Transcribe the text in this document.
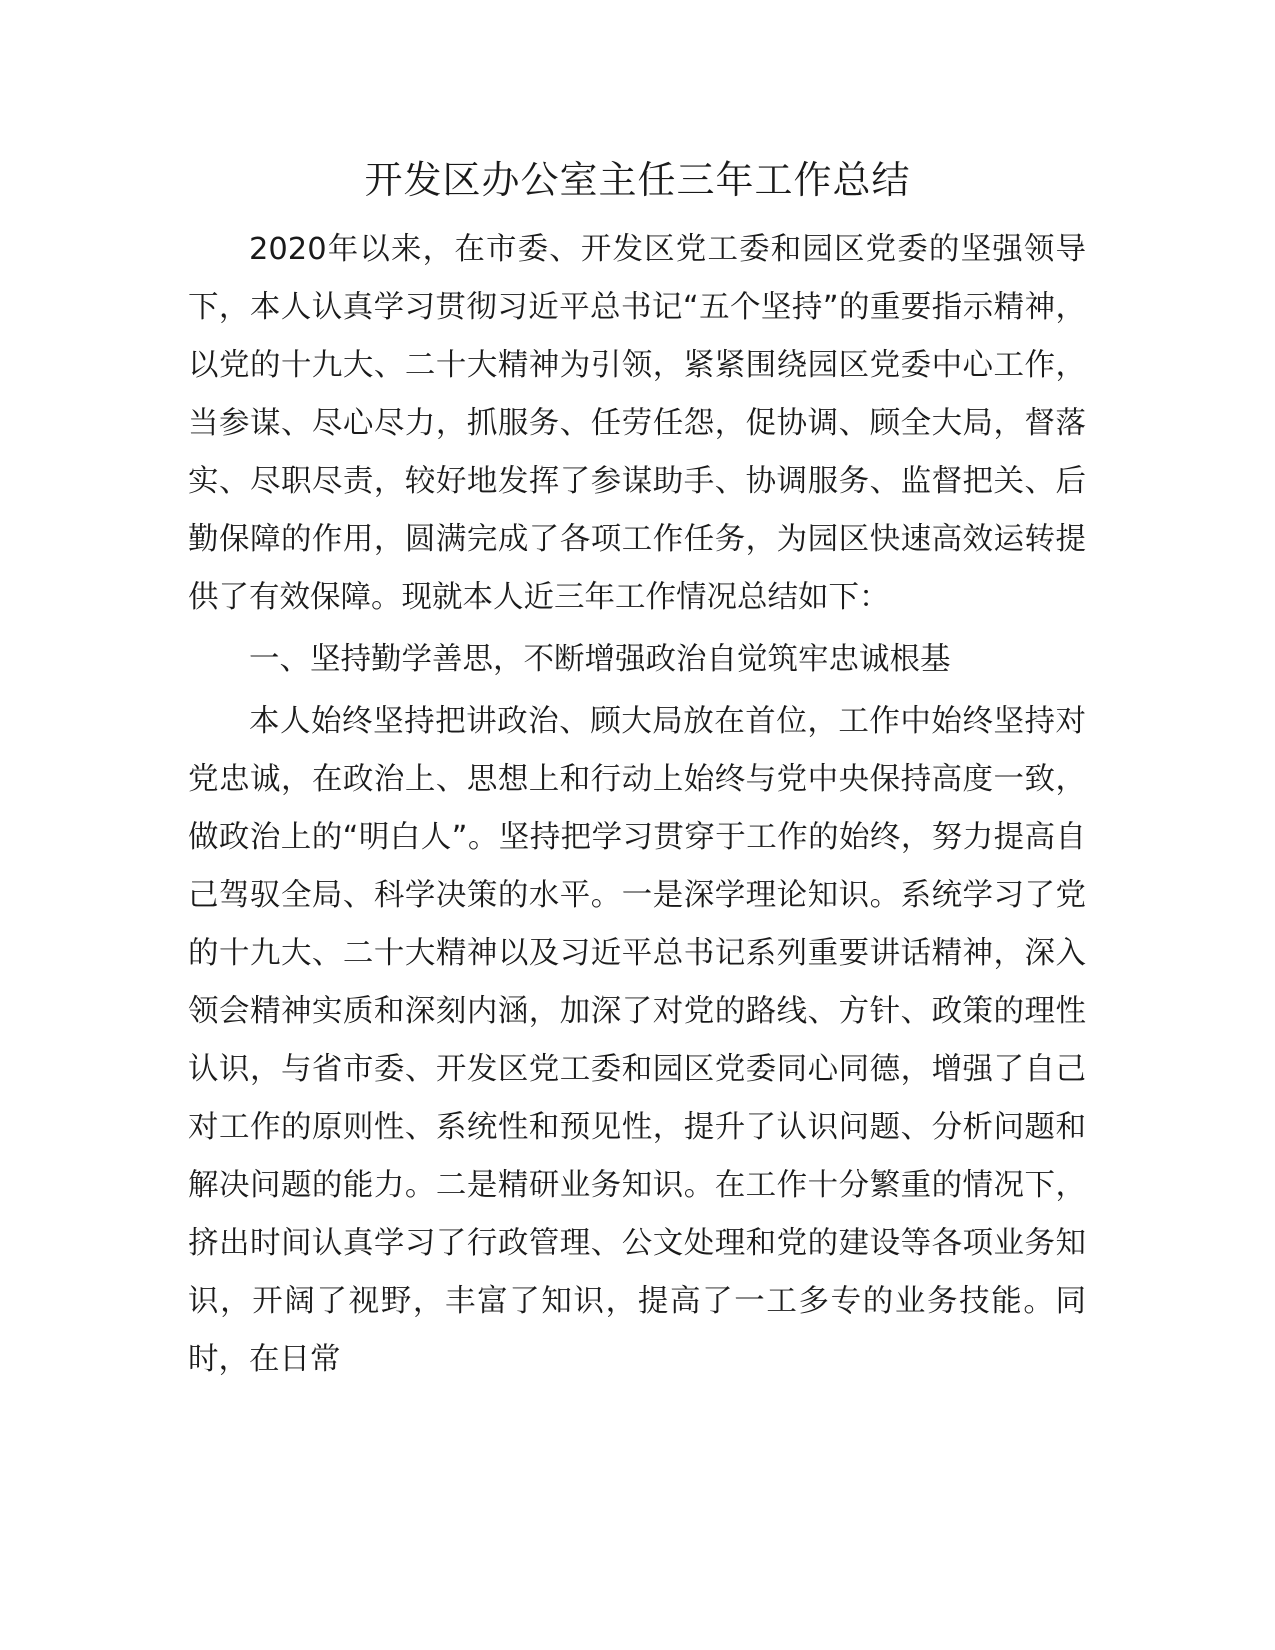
开发区办公室主任三年工作总结

2020年以来，在市委、开发区党工委和园区党委的坚强领导下，本人认真学习贯彻习近平总书记“五个坚持”的重要指示精神，以党的十九大、二十大精神为引领，紧紧围绕园区党委中心工作，当参谋、尽心尽力，抓服务、任劳任怨，促协调、顾全大局，督落实、尽职尽责，较好地发挥了参谋助手、协调服务、监督把关、后勤保障的作用，圆满完成了各项工作任务，为园区快速高效运转提供了有效保障。现就本人近三年工作情况总结如下：

一、坚持勤学善思，不断增强政治自觉筑牢忠诚根基

本人始终坚持把讲政治、顾大局放在首位，工作中始终坚持对党忠诚，在政治上、思想上和行动上始终与党中央保持高度一致，做政治上的“明白人”。坚持把学习贯穿于工作的始终，努力提高自己驾驭全局、科学决策的水平。一是深学理论知识。系统学习了党的十九大、二十大精神以及习近平总书记系列重要讲话精神，深入领会精神实质和深刻内涵，加深了对党的路线、方针、政策的理性认识，与省市委、开发区党工委和园区党委同心同德，增强了自己对工作的原则性、系统性和预见性，提升了认识问题、分析问题和解决问题的能力。二是精研业务知识。在工作十分繁重的情况下，挤出时间认真学习了行政管理、公文处理和党的建设等各项业务知识，开阔了视野，丰富了知识，提高了一工多专的业务技能。同时，在日常
